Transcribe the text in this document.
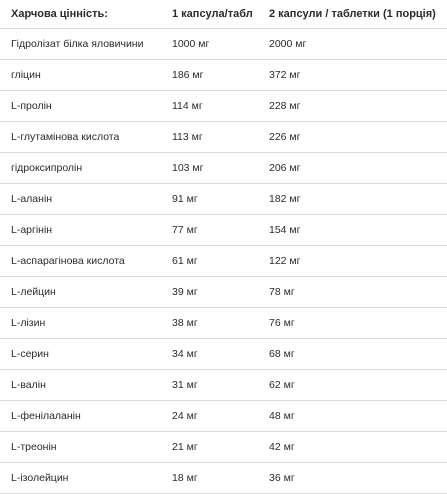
Харчова цінність:	1 капсула/табл	2 капсули / таблетки (1 порція)
Гідролізат білка яловичини	1000 мг	2000 мг
гліцин	186 мг	372 мг
L-пролін	114 мг	228 мг
L-глутамінова кислота	113 мг	226 мг
гідроксипролін	103 мг	206 мг
L-аланін	91 мг	182 мг
L-аргінін	77 мг	154 мг
L-аспарагінова кислота	61 мг	122 мг
L-лейцин	39 мг	78 мг
L-лізин	38 мг	76 мг
L-серин	34 мг	68 мг
L-валін	31 мг	62 мг
L-фенілаланін	24 мг	48 мг
L-треонін	21 мг	42 мг
L-ізолейцин	18 мг	36 мг
